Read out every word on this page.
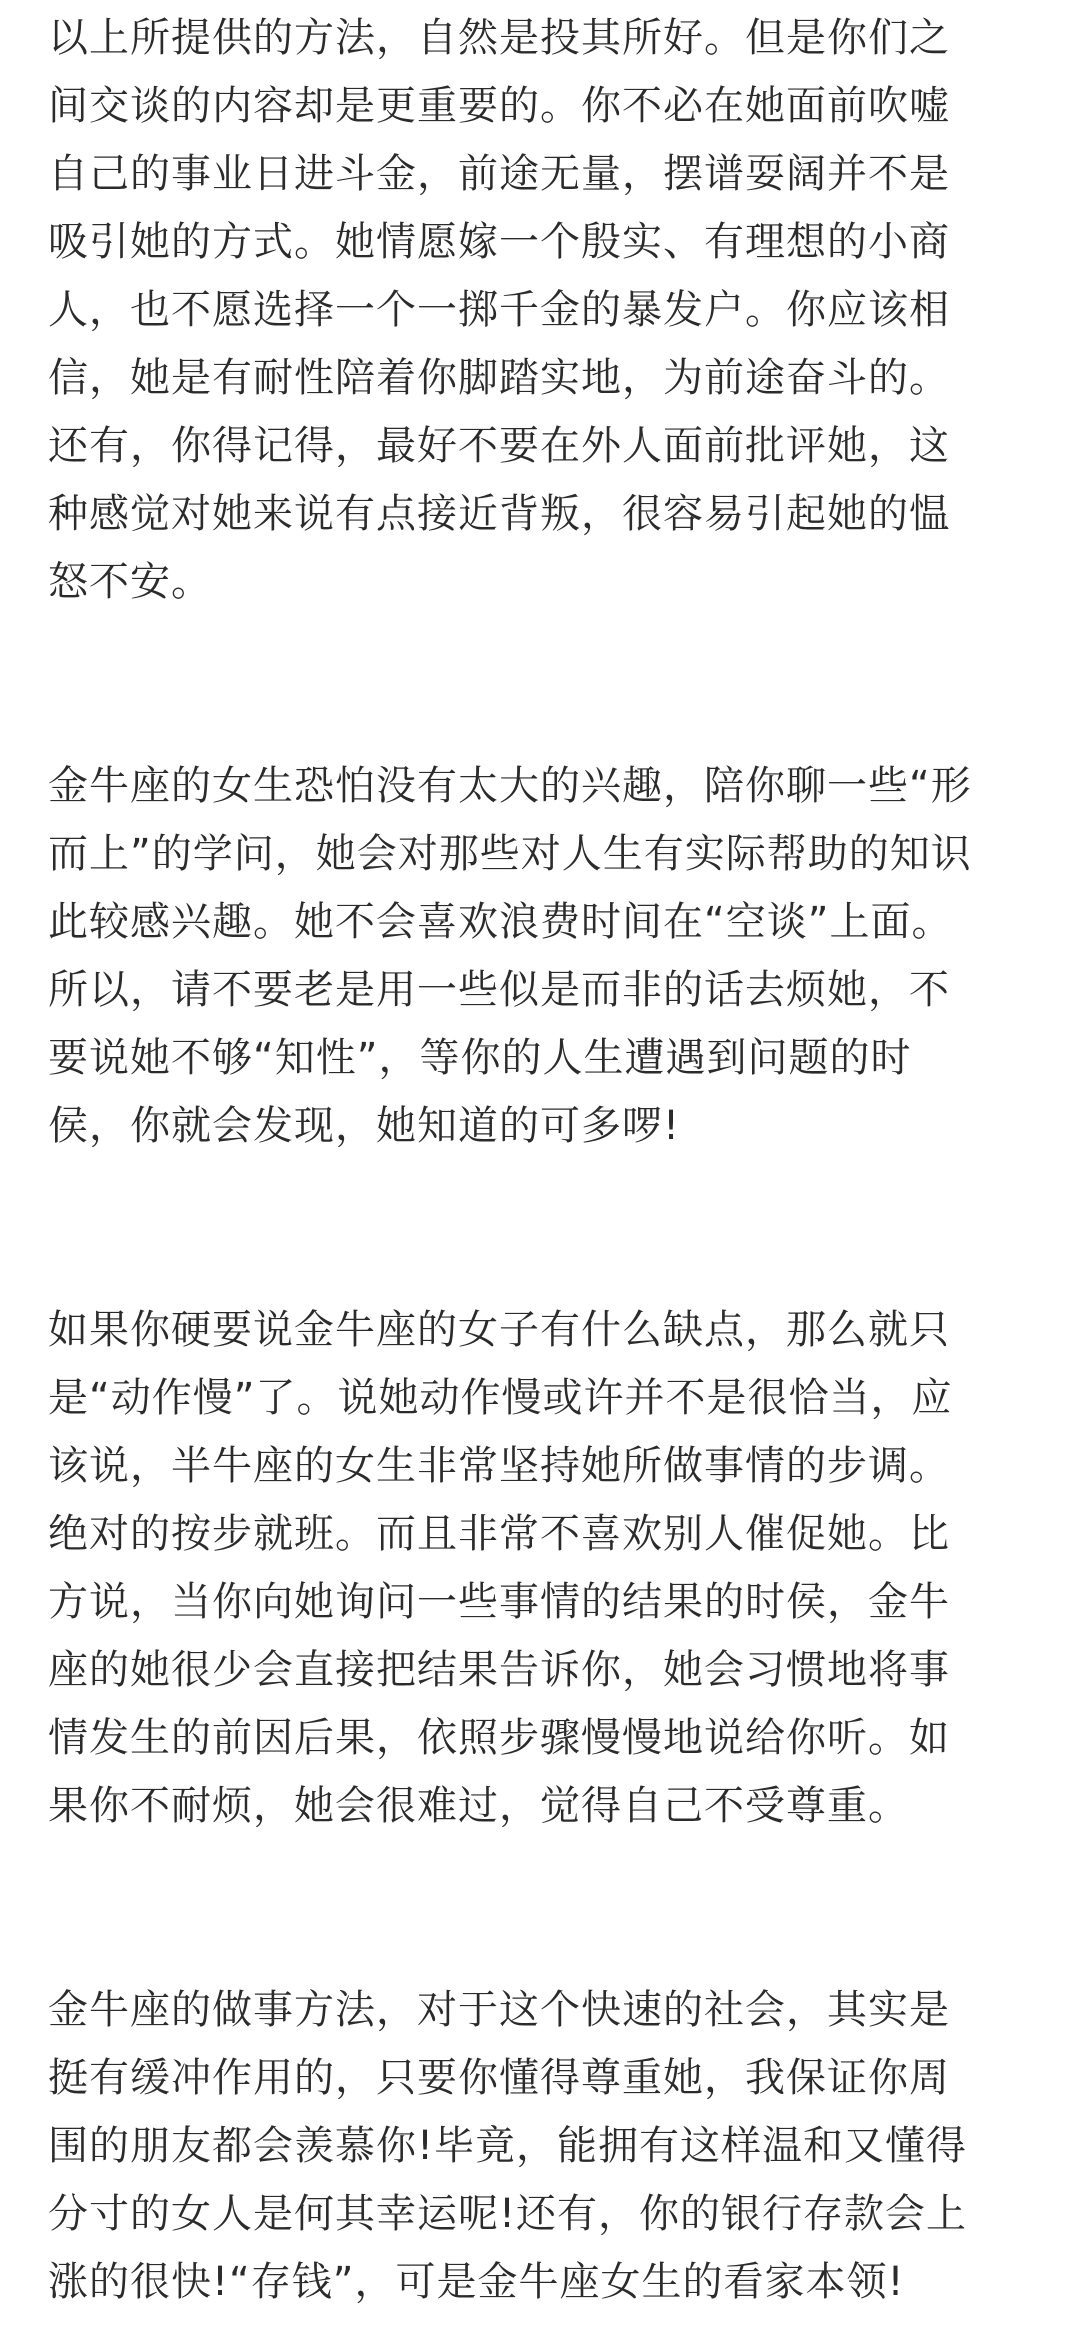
以上所提供的方法，自然是投其所好。但是你们之
间交谈的内容却是更重要的。你不必在她面前吹嘘
自己的事业日进斗金，前途无量，摆谱耍阔并不是
吸引她的方式。她情愿嫁一个殷实、有理想的小商
人，也不愿选择一个一掷千金的暴发户。你应该相
信，她是有耐性陪着你脚踏实地，为前途奋斗的。
还有，你得记得，最好不要在外人面前批评她，这
种感觉对她来说有点接近背叛，很容易引起她的愠
怒不安。
金牛座的女生恐怕没有太大的兴趣，陪你聊一些“形
而上”的学问，她会对那些对人生有实际帮助的知识
此较感兴趣。她不会喜欢浪费时间在“空谈”上面。
所以，请不要老是用一些似是而非的话去烦她，不
要说她不够“知性”，等你的人生遭遇到问题的时
侯，你就会发现，她知道的可多啰!
如果你硬要说金牛座的女子有什么缺点，那么就只
是“动作慢”了。说她动作慢或许并不是很恰当，应
该说，半牛座的女生非常坚持她所做事情的步调。
绝对的按步就班。而且非常不喜欢别人催促她。比
方说，当你向她询问一些事情的结果的时侯，金牛
座的她很少会直接把结果告诉你，她会习惯地将事
情发生的前因后果，依照步骤慢慢地说给你听。如
果你不耐烦，她会很难过，觉得自己不受尊重。
金牛座的做事方法，对于这个快速的社会，其实是
挺有缓冲作用的，只要你懂得尊重她，我保证你周
围的朋友都会羡慕你!毕竟，能拥有这样温和又懂得
分寸的女人是何其幸运呢!还有，你的银行存款会上
涨的很快!“存钱”，可是金牛座女生的看家本领!
